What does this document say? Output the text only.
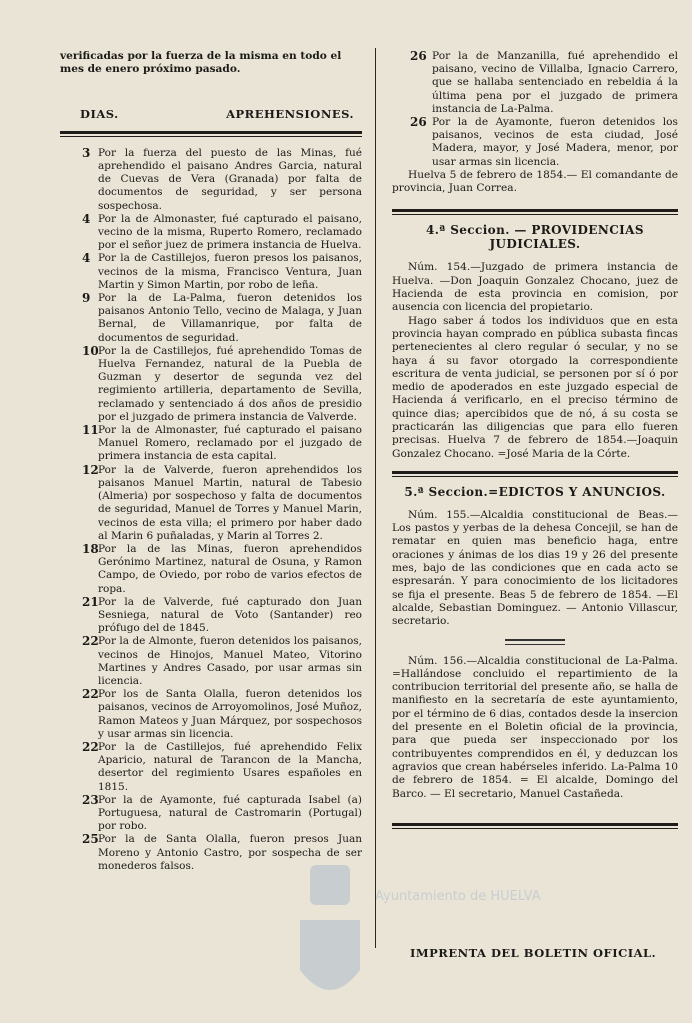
verificadas por la fuerza de la misma en todo el mes de enero próximo pasado.

DIAS.	APREHENSIONES.
3 Por la fuerza del puesto de las Minas, fué aprehendido el paisano Andres Garcia, natural de Cuevas de Vera (Granada) por falta de documentos de seguridad, y ser persona sospechosa.
4 Por la de Almonaster, fué capturado el paisano, vecino de la misma, Ruperto Romero, reclamado por el señor juez de primera instancia de Huelva.
4 Por la de Castillejos, fueron presos los paisanos, vecinos de la misma, Francisco Ventura, Juan Martin y Simon Martin, por robo de leña.
9 Por la de La-Palma, fueron detenidos los paisanos Antonio Tello, vecino de Malaga, y Juan Bernal, de Villamanrique, por falta de documentos de seguridad.
10 Por la de Castillejos, fué aprehendido Tomas de Huelva Fernandez, natural de la Puebla de Guzman y desertor de segunda vez del regimiento artilleria, departamento de Sevilla, reclamado y sentenciado á dos años de presidio por el juzgado de primera instancia de Valverde.
11 Por la de Almonaster, fué capturado el paisano Manuel Romero, reclamado por el juzgado de primera instancia de esta capital.
12 Por la de Valverde, fueron aprehendidos los paisanos Manuel Martin, natural de Tabesio (Almeria) por sospechoso y falta de documentos de seguridad, Manuel de Torres y Manuel Marin, vecinos de esta villa; el primero por haber dado al Marin 6 puñaladas, y Marin al Torres 2.
18 Por la de las Minas, fueron aprehendidos Gerónimo Martinez, natural de Osuna, y Ramon Campo, de Oviedo, por robo de varios efectos de ropa.
21 Por la de Valverde, fué capturado don Juan Sesniega, natural de Voto (Santander) reo prófugo del de 1845.
22 Por la de Almonte, fueron detenidos los paisanos, vecinos de Hinojos, Manuel Mateo, Vitorino Martines y Andres Casado, por usar armas sin licencia.
22 Por los de Santa Olalla, fueron detenidos los paisanos, vecinos de Arroyomolinos, José Muñoz, Ramon Mateos y Juan Márquez, por sospechosos y usar armas sin licencia.
22 Por la de Castillejos, fué aprehendido Felix Aparicio, natural de Tarancon de la Mancha, desertor del regimiento Usares españoles en 1815.
23 Por la de Ayamonte, fué capturada Isabel (a) Portuguesa, natural de Castromarin (Portugal) por robo.
25 Por la de Santa Olalla, fueron presos Juan Moreno y Antonio Castro, por sospecha de ser monederos falsos.
26 Por la de Manzanilla, fué aprehendido el paisano, vecino de Villalba, Ignacio Carrero, que se hallaba sentenciado en rebeldia á la última pena por el juzgado de primera instancia de La-Palma.
26 Por la de Ayamonte, fueron detenidos los paisanos, vecinos de esta ciudad, José Madera, mayor, y José Madera, menor, por usar armas sin licencia.

Huelva 5 de febrero de 1854.— El comandante de provincia, Juan Correa.

4.ª Seccion. — PROVIDENCIAS JUDICIALES.

Núm. 154.—Juzgado de primera instancia de Huelva. —Don Joaquin Gonzalez Chocano, juez de Hacienda de esta provincia en comision, por ausencia con licencia del propietario.

Hago saber á todos los individuos que en esta provincia hayan comprado en pública subasta fincas pertenecientes al clero regular ó secular, y no se haya á su favor otorgado la correspondiente escritura de venta judicial, se personen por sí ó por medio de apoderados en este juzgado especial de Hacienda á verificarlo, en el preciso término de quince dias; apercibidos que de nó, á su costa se practicarán las diligencias que para ello fueren precisas. Huelva 7 de febrero de 1854.—Joaquin Gonzalez Chocano. =José Maria de la Córte.

5.ª Seccion.=EDICTOS Y ANUNCIOS.

Núm. 155.—Alcaldia constitucional de Beas.— Los pastos y yerbas de la dehesa Concejil, se han de rematar en quien mas beneficio haga, entre oraciones y ánimas de los dias 19 y 26 del presente mes, bajo de las condiciones que en cada acto se espresarán. Y para conocimiento de los licitadores se fija el presente. Beas 5 de febrero de 1854. —El alcalde, Sebastian Dominguez. — Antonio Villascur, secretario.

Núm. 156.—Alcaldia constitucional de La-Palma. =Hallándose concluido el repartimiento de la contribucion territorial del presente año, se halla de manifiesto en la secretaría de este ayuntamiento, por el término de 6 dias, contados desde la insercion del presente en el Boletin oficial de la provincia, para que pueda ser inspeccionado por los contribuyentes comprendidos en él, y deduzcan los agravios que crean habérseles inferido. La-Palma 10 de febrero de 1854. = El alcalde, Domingo del Barco. — El secretario, Manuel Castañeda.

IMPRENTA DEL BOLETIN OFICIAL.
Ayuntamiento de HUELVA
